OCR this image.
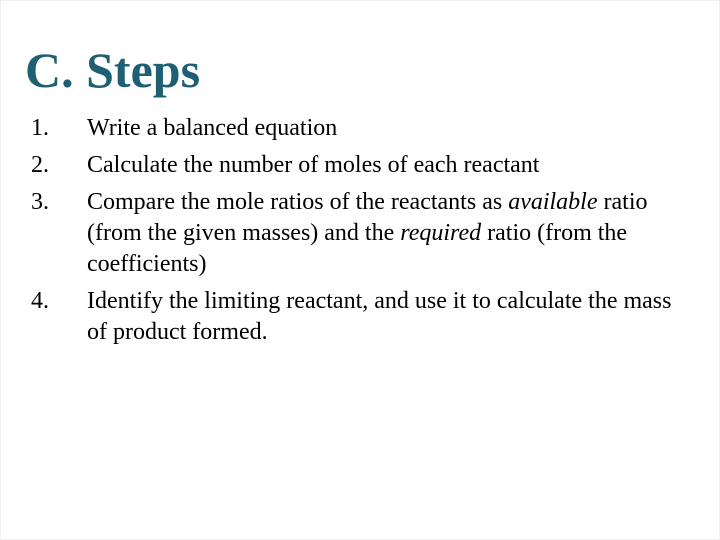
C. Steps
1.	Write a balanced equation
2.	Calculate the number of moles of each reactant
3.	Compare the mole ratios of the reactants as available ratio (from the given masses) and the required ratio (from the coefficients)
4.	Identify the limiting reactant, and use it to calculate the mass of product formed.
